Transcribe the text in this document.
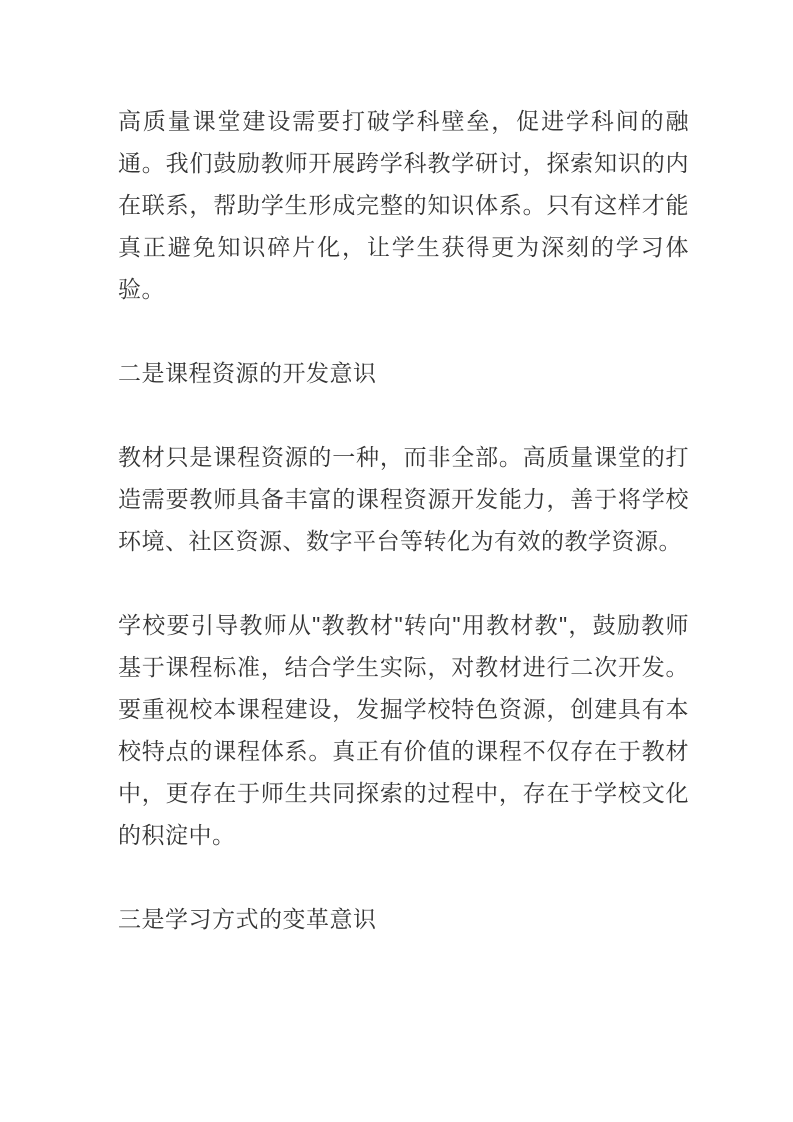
高质量课堂建设需要打破学科壁垒，促进学科间的融通。我们鼓励教师开展跨学科教学研讨，探索知识的内在联系，帮助学生形成完整的知识体系。只有这样才能真正避免知识碎片化，让学生获得更为深刻的学习体验。
二是课程资源的开发意识
教材只是课程资源的一种，而非全部。高质量课堂的打造需要教师具备丰富的课程资源开发能力，善于将学校环境、社区资源、数字平台等转化为有效的教学资源。
学校要引导教师从"教教材"转向"用教材教"，鼓励教师基于课程标准，结合学生实际，对教材进行二次开发。要重视校本课程建设，发掘学校特色资源，创建具有本校特点的课程体系。真正有价值的课程不仅存在于教材中，更存在于师生共同探索的过程中，存在于学校文化的积淀中。
三是学习方式的变革意识
